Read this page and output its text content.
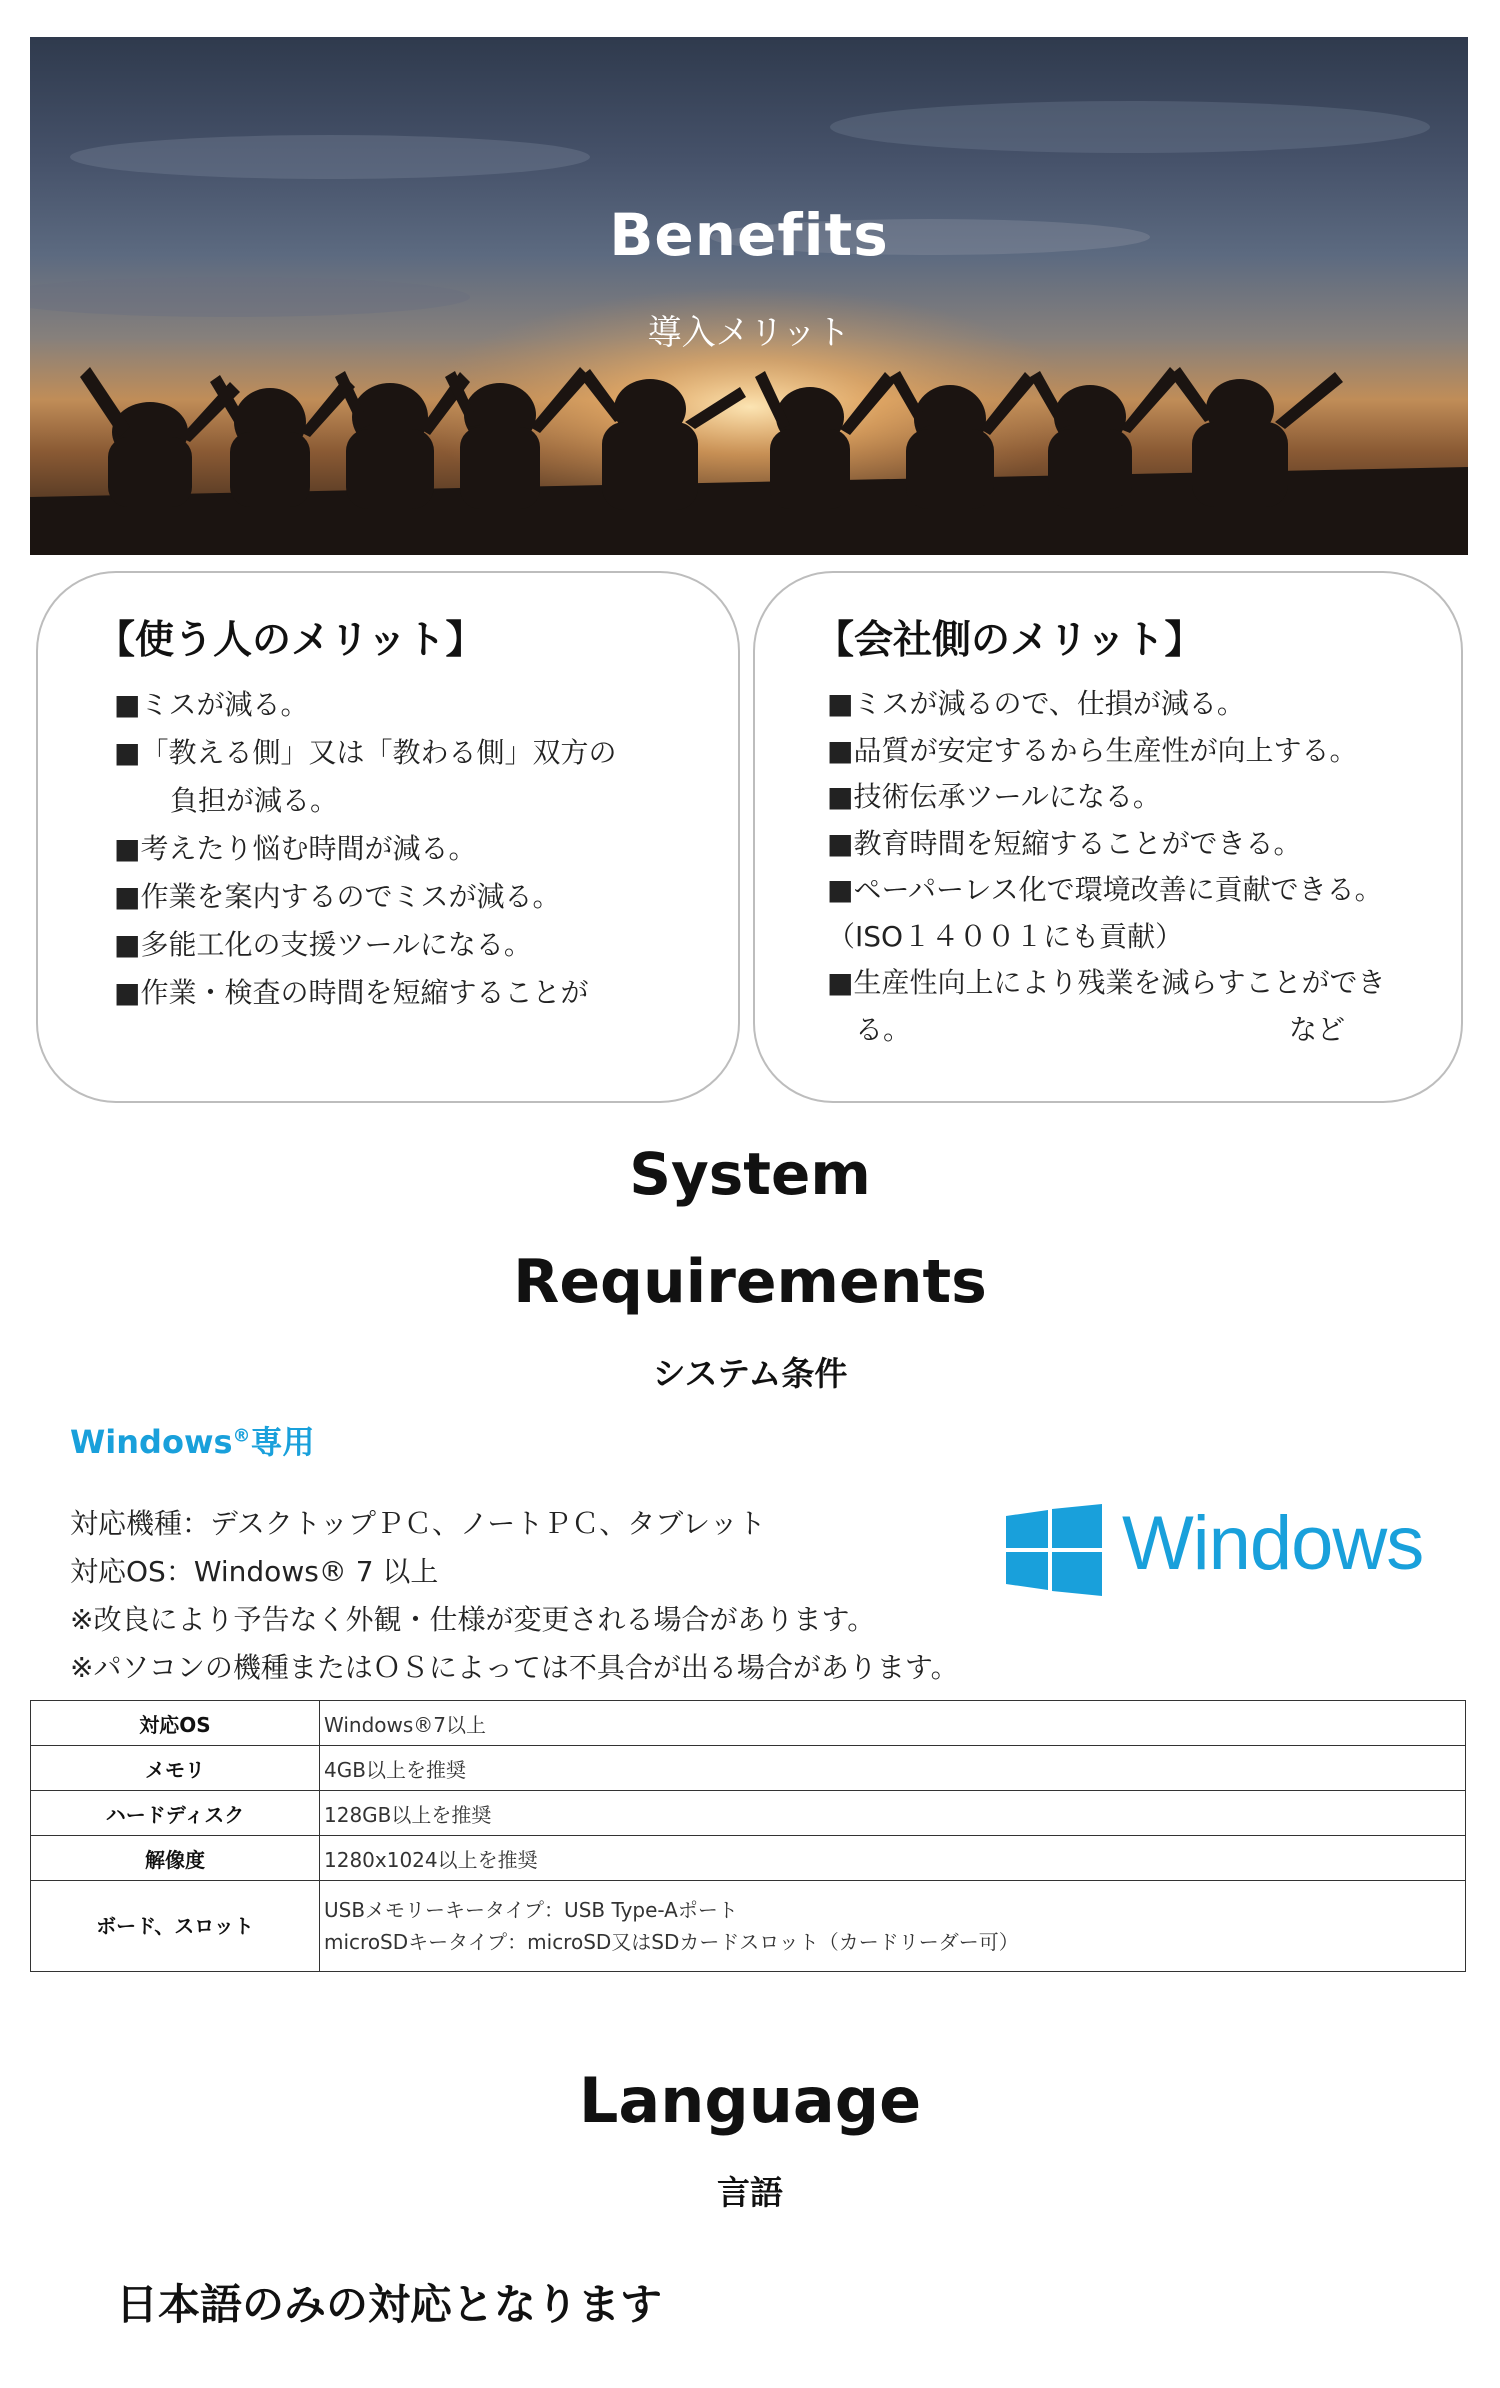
Benefits
導入メリット
【使う人のメリット】
■ミスが減る。
■「教える側」又は「教わる側」双方の
　　負担が減る。
■考えたり悩む時間が減る。
■作業を案内するのでミスが減る。
■多能工化の支援ツールになる。
■作業・検査の時間を短縮することが
【会社側のメリット】
■ミスが減るので、仕損が減る。
■品質が安定するから生産性が向上する。
■技術伝承ツールになる。
■教育時間を短縮することができる。
■ペーパーレス化で環境改善に貢献できる。
（ISO１４００１にも貢献）
■生産性向上により残業を減らすことができ
　る。　　　　　　　　　　　　　　など
System
Requirements
システム条件
Windows®専用
対応機種：デスクトップＰＣ、ノートＰＣ、タブレット
対応OS：Windows® 7 以上
※改良により予告なく外観・仕様が変更される場合があります。
※パソコンの機種またはＯＳによっては不具合が出る場合があります。
Windows
対応OS	Windows®7以上
メモリ	4GB以上を推奨
ハードディスク	128GB以上を推奨
解像度	1280x1024以上を推奨
ボード、スロット	USBメモリーキータイプ：USB Type-Aポート
microSDキータイプ：microSD又はSDカードスロット（カードリーダー可）
Language
言語
日本語のみの対応となります
